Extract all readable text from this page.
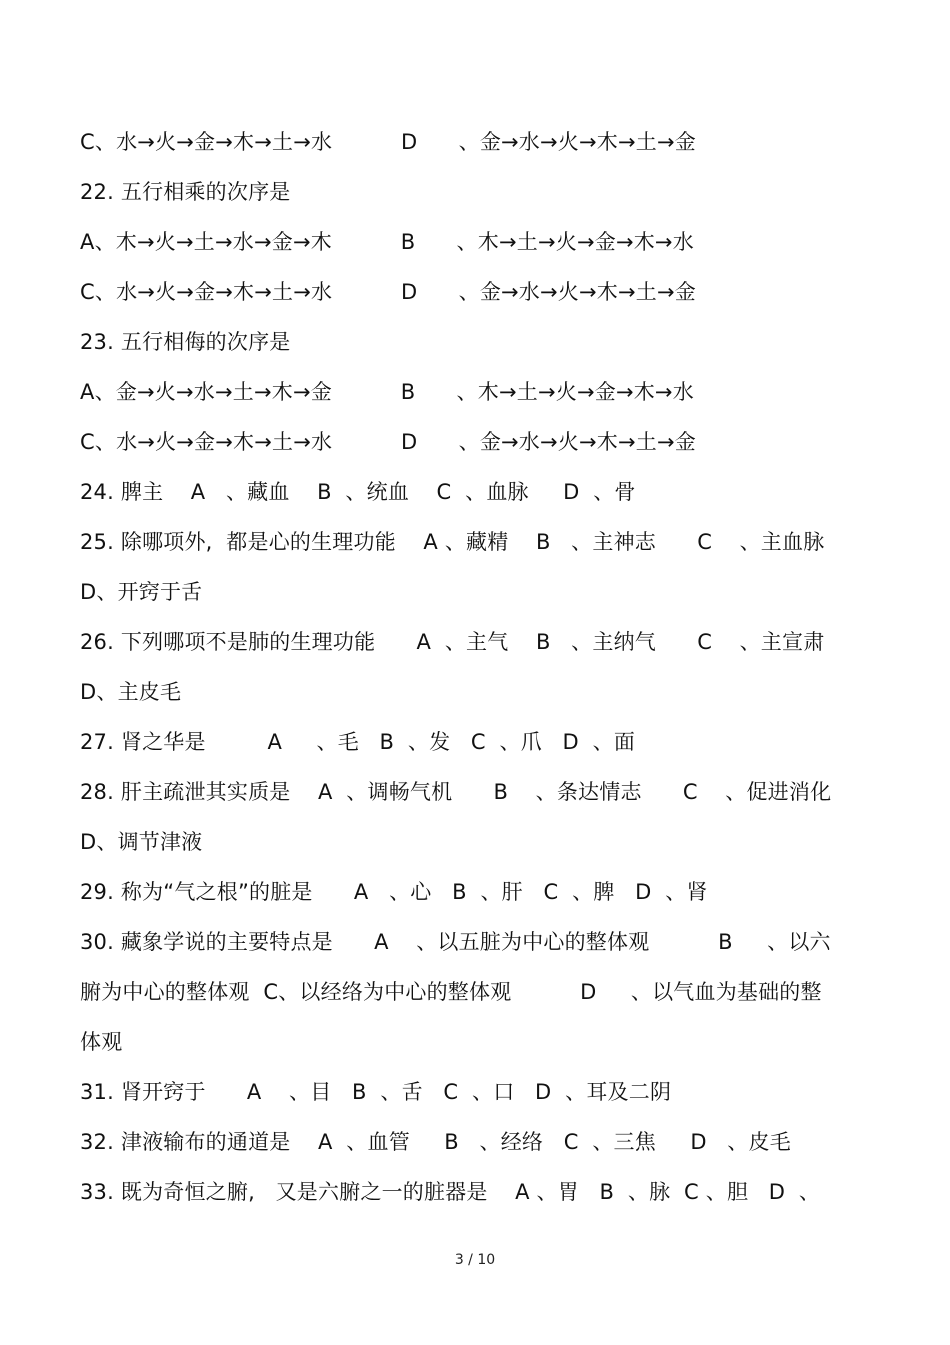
C、水→火→金→木→土→水          D      、金→水→火→木→土→金
22. 五行相乘的次序是
A、木→火→土→水→金→木          B      、木→土→火→金→木→水
C、水→火→金→木→土→水          D      、金→水→火→木→土→金
23. 五行相侮的次序是
A、金→火→水→土→木→金          B      、木→土→火→金→木→水
C、水→火→金→木→土→水          D      、金→水→火→木→土→金
24. 脾主    A   、藏血    B  、统血    C  、血脉     D  、骨
25. 除哪项外,  都是心的生理功能    A 、藏精    B   、主神志      C    、主血脉
D、开窍于舌
26. 下列哪项不是肺的生理功能      A  、主气    B   、主纳气      C    、主宣肃
D、主皮毛
27. 肾之华是         A     、毛   B  、发   C  、爪   D  、面
28. 肝主疏泄其实质是    A  、调畅气机      B    、条达情志      C    、促进消化
D、调节津液
29. 称为“气之根”的脏是      A   、心   B  、肝   C  、脾   D  、肾
30. 藏象学说的主要特点是      A    、以五脏为中心的整体观          B     、以六
腑为中心的整体观  C、以经络为中心的整体观          D     、以气血为基础的整
体观
31. 肾开窍于      A    、目   B  、舌   C  、口   D  、耳及二阴
32. 津液输布的通道是    A  、血管     B   、经络   C  、三焦     D   、皮毛
33. 既为奇恒之腑,   又是六腑之一的脏器是    A 、胃   B  、脉  C 、胆   D  、
3 / 10
